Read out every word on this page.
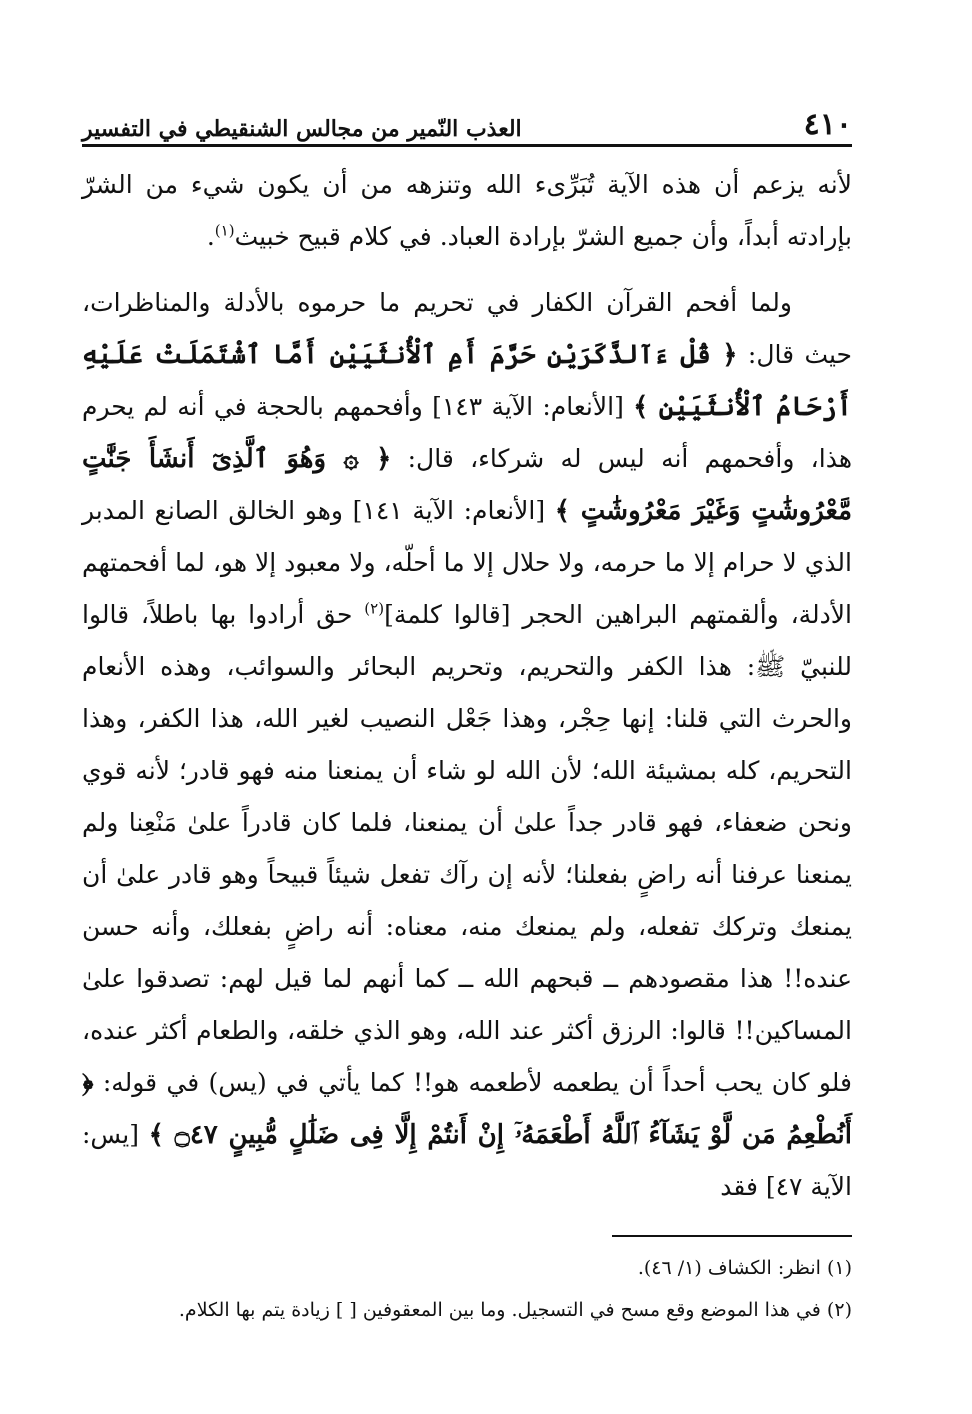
٤١٠
العذب النّمير من مجالس الشنقيطي في التفسير

لأنه يزعم أن هذه الآية تُبَرِّىء الله وتنزهه من أن يكون شيء من الشرّ بإرادته أبداً، وأن جميع الشرّ بإرادة العباد. في كلام قبيح خبيث$^{(١)}$.

ولما أفحم القرآن الكفار في تحريم ما حرموه بالأدلة والمناظرات، حيث قال: ﴿ قُلْ ءَآلذَّكَرَيْنِ حَرَّمَ أَمِ ٱلْأُنثَيَيْنِ أَمَّا ٱشْتَمَلَتْ عَلَيْهِ أَرْحَامُ ٱلْأُنثَيَيْنِ ﴾ [الأنعام: الآية ١٤٣] وأفحمهم بالحجة في أنه لم يحرم هذا، وأفحمهم أنه ليس له شركاء، قال: ﴿ ۞ وَهُوَ ٱلَّذِىٓ أَنشَأَ جَنَّٰتٍ مَّعْرُوشَٰتٍ وَغَيْرَ مَعْرُوشَٰتٍ ﴾ [الأنعام: الآية ١٤١] وهو الخالق الصانع المدبر الذي لا حرام إلا ما حرمه، ولا حلال إلا ما أحلّه، ولا معبود إلا هو، لما أفحمتهم الأدلة، وألقمتهم البراهين الحجر [قالوا كلمة]$^{(٢)}$ حق أرادوا بها باطلاً، قالوا للنبيّ ﷺ: هذا الكفر والتحريم، وتحريم البحائر والسوائب، وهذه الأنعام والحرث التي قلنا: إنها حِجْر، وهذا جَعْل النصيب لغير الله، هذا الكفر، وهذا التحريم، كله بمشيئة الله؛ لأن الله لو شاء أن يمنعنا منه فهو قادر؛ لأنه قوي ونحن ضعفاء، فهو قادر جداً علىٰ أن يمنعنا، فلما كان قادراً علىٰ مَنْعِنا ولم يمنعنا عرفنا أنه راضٍ بفعلنا؛ لأنه إن رآك تفعل شيئاً قبيحاً وهو قادر علىٰ أن يمنعك وتركك تفعله، ولم يمنعك منه، معناه: أنه راضٍ بفعلك، وأنه حسن عنده!! هذا مقصودهم ــ قبحهم الله ــ كما أنهم لما قيل لهم: تصدقوا علىٰ المساكين!! قالوا: الرزق أكثر عند الله، وهو الذي خلقه، والطعام أكثر عنده، فلو كان يحب أحداً أن يطعمه لأطعمه هو!! كما يأتي في (يس) في قوله: ﴿ أَنُطْعِمُ مَن لَّوْ يَشَآءُ ٱللَّهُ أَطْعَمَهُۥٓ إِنْ أَنتُمْ إِلَّا فِى ضَلَٰلٍ مُّبِينٍ ۝٤٧ ﴾ [يس: الآية ٤٧] فقد

(١) انظر: الكشاف (١/ ٤٦).

(٢) في هذا الموضع وقع مسح في التسجيل. وما بين المعقوفين [ ] زيادة يتم بها الكلام.
